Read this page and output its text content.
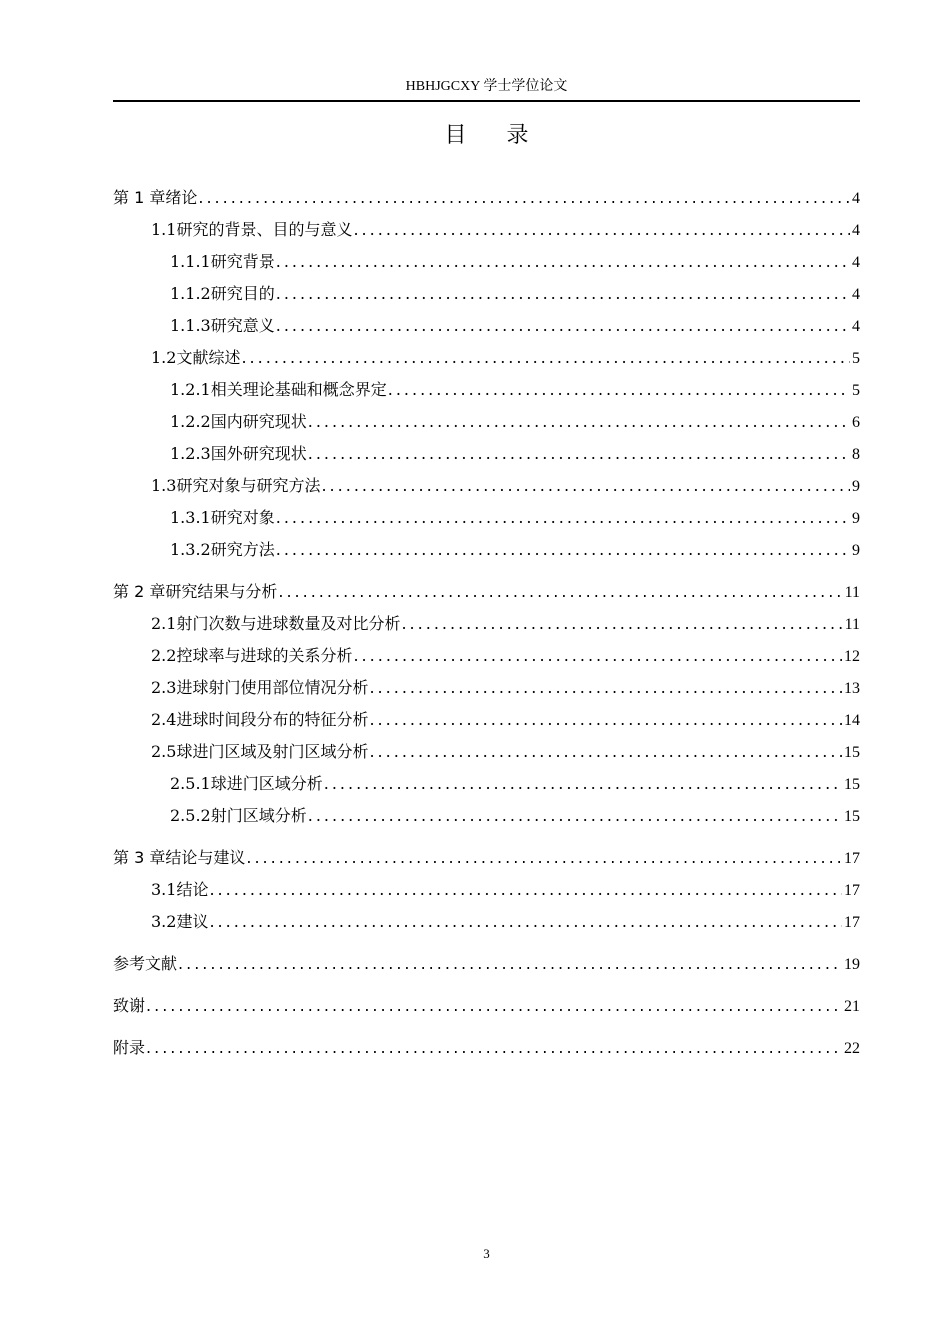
HBHJGCXY 学士学位论文
目录
第 1 章 绪论 .....	4
1.1 研究的背景、目的与意义 .....	4
1.1.1 研究背景 .....	4
1.1.2 研究目的 .....	4
1.1.3 研究意义 .....	4
1.2 文献综述 .....	5
1.2.1 相关理论基础和概念界定 .....	5
1.2.2 国内研究现状 .....	6
1.2.3 国外研究现状 .....	8
1.3 研究对象与研究方法 .....	9
1.3.1 研究对象 .....	9
1.3.2 研究方法 .....	9
第 2 章 研究结果与分析 .....	11
2.1 射门次数与进球数量及对比分析 .....	11
2.2 控球率与进球的关系分析 .....	12
2.3 进球射门使用部位情况分析 .....	13
2.4 进球时间段分布的特征分析 .....	14
2.5 球进门区域及射门区域分析 .....	15
2.5.1 球进门区域分析 .....	15
2.5.2 射门区域分析 .....	15
第 3 章 结论与建议 .....	17
3.1 结论 .....	17
3.2 建议 .....	17
参考文献 .....	19
致谢 .....	21
附录 .....	22
3
